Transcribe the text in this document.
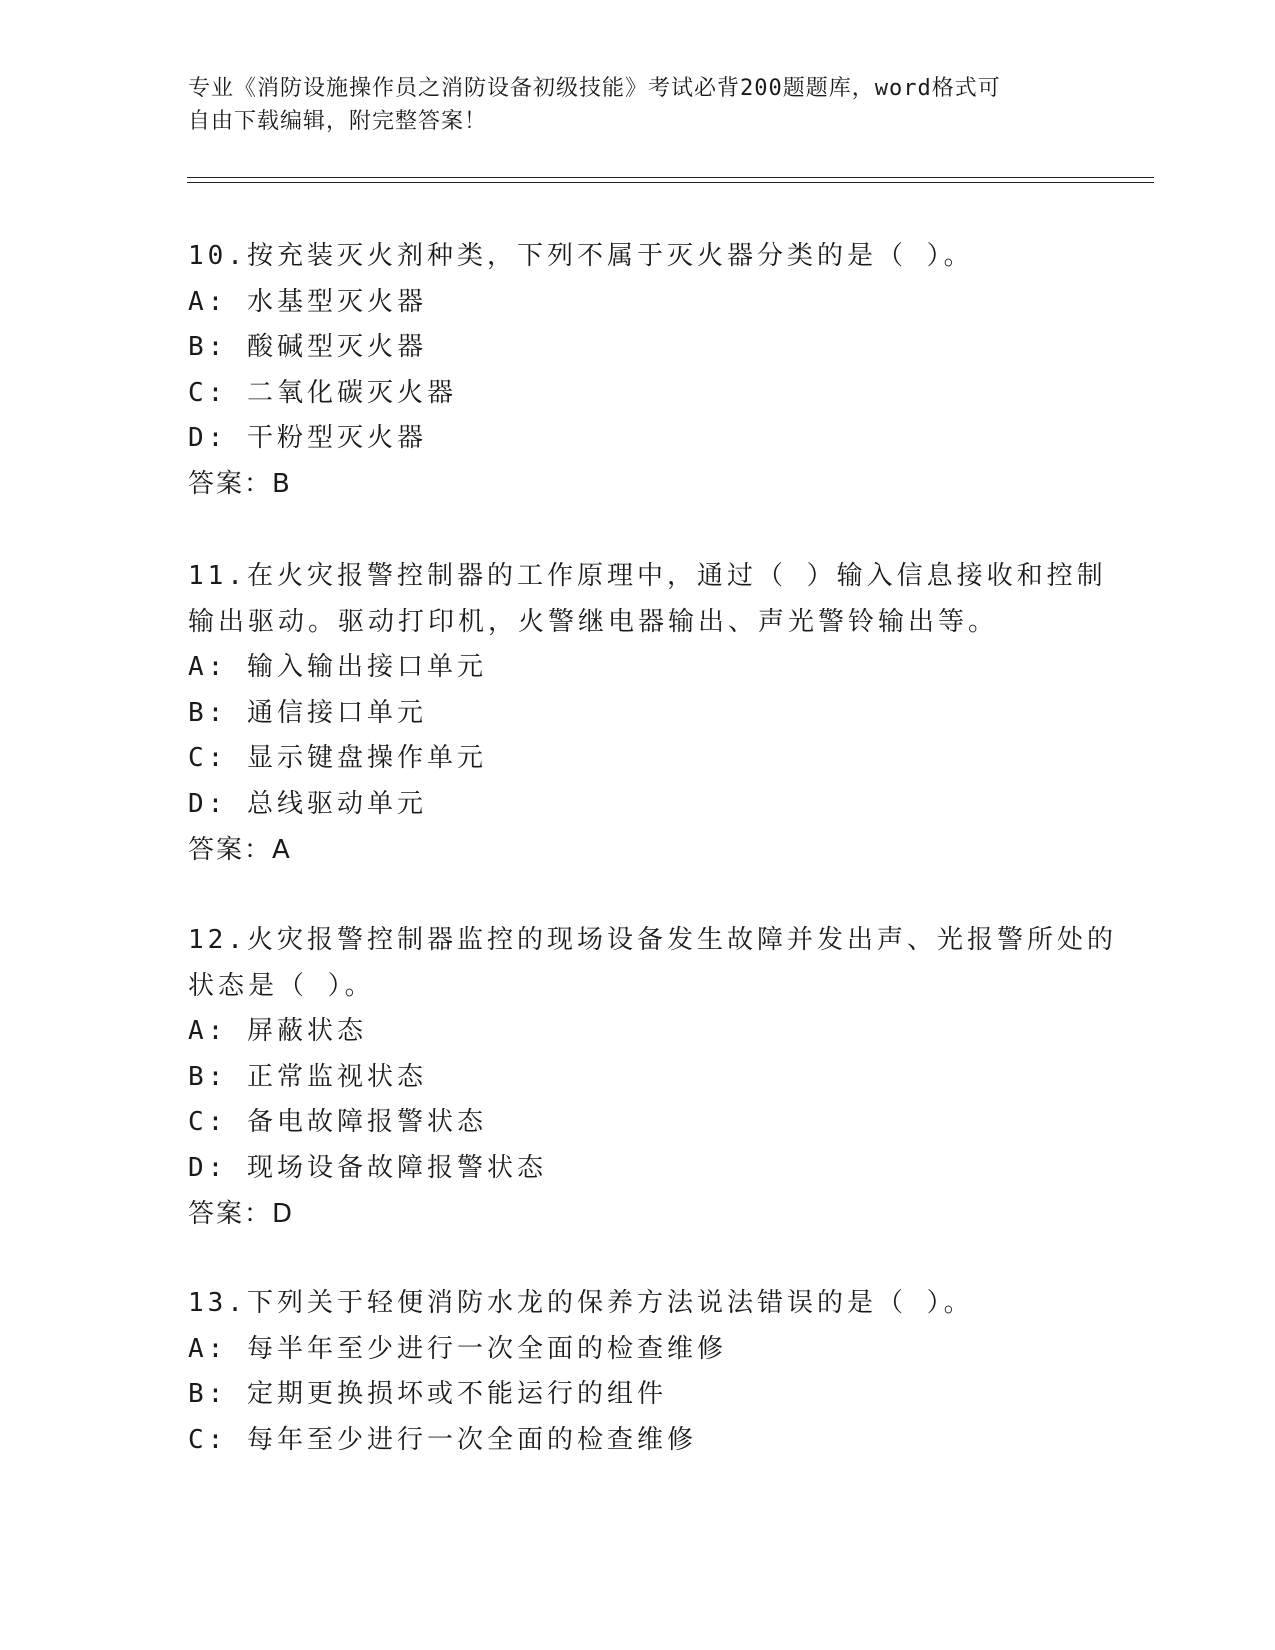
专业《消防设施操作员之消防设备初级技能》考试必背200题题库，word格式可
自由下载编辑，附完整答案！
10.按充装灭火剂种类，下列不属于灭火器分类的是（ ）。
A: 水基型灭火器
B: 酸碱型灭火器
C: 二氧化碳灭火器
D: 干粉型灭火器
答案：B
11.在火灾报警控制器的工作原理中，通过（ ）输入信息接收和控制
输出驱动。驱动打印机，火警继电器输出、声光警铃输出等。
A: 输入输出接口单元
B: 通信接口单元
C: 显示键盘操作单元
D: 总线驱动单元
答案：A
12.火灾报警控制器监控的现场设备发生故障并发出声、光报警所处的
状态是（ ）。
A: 屏蔽状态
B: 正常监视状态
C: 备电故障报警状态
D: 现场设备故障报警状态
答案：D
13.下列关于轻便消防水龙的保养方法说法错误的是（ ）。
A: 每半年至少进行一次全面的检查维修
B: 定期更换损坏或不能运行的组件
C: 每年至少进行一次全面的检查维修
